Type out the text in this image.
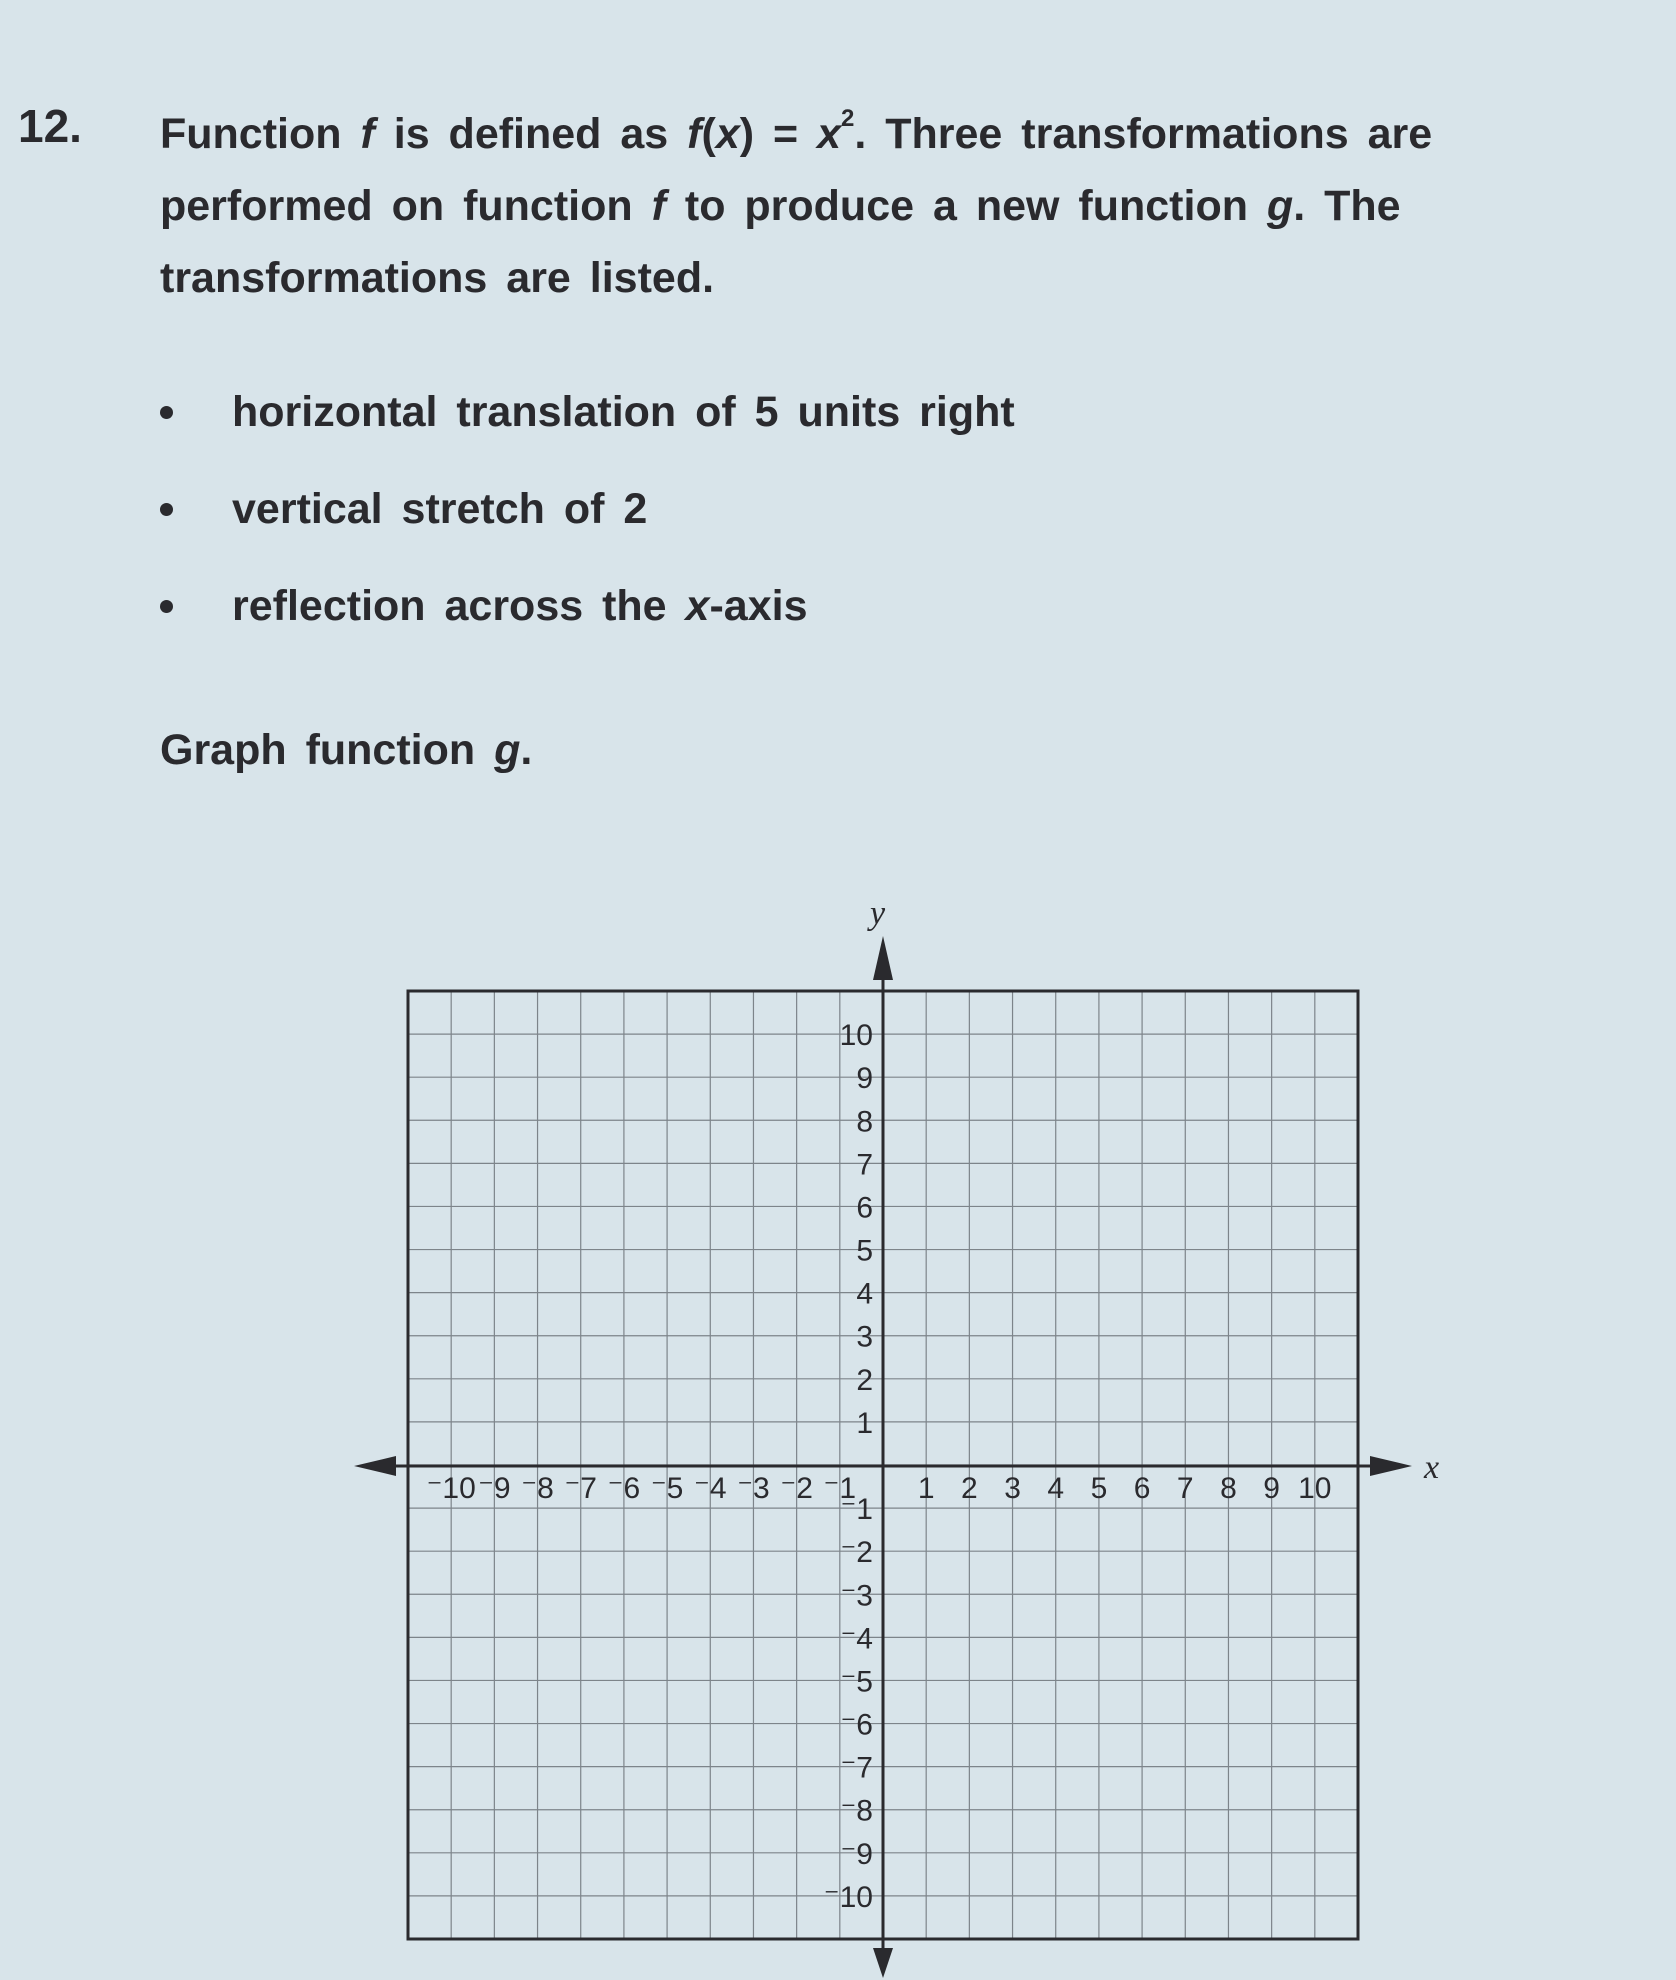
12. Function f is defined as $f(x) = x^2$. Three transformations are
performed on function f to produce a new function g. The
transformations are listed.
horizontal translation of 5 units right
vertical stretch of 2
reflection across the x-axis
Graph function g.
⁻10 ⁻9 ⁻8 ⁻7 ⁻6 ⁻5 ⁻4 ⁻3 ⁻2 ⁻1 1 2 3 4 5 6 7 8 9 10
10
9
8
7
6
5
4
3
2
1
⁻1
⁻2
⁻3
⁻4
⁻5
⁻6
⁻7
⁻8
⁻9
⁻10
x
y
